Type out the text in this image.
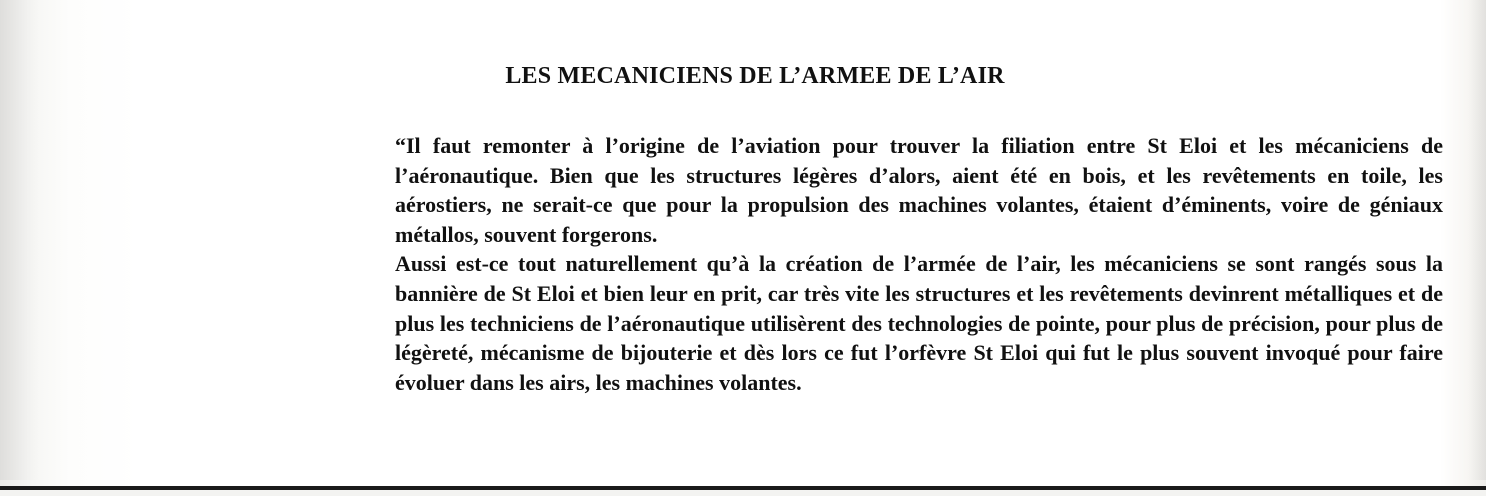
LES MECANICIENS DE L’ARMEE DE L’AIR

“Il faut remonter à l’origine de l’aviation pour trouver la filiation entre St Eloi et les mécaniciens de l’aéronautique. Bien que les structures légères d’alors, aient été en bois, et les revêtements en toile, les aérostiers, ne serait-ce que pour la propulsion des machines volantes, étaient d’éminents, voire de géniaux métallos, souvent forgerons.

Aussi est-ce tout naturellement qu’à la création de l’armée de l’air, les mécaniciens se sont rangés sous la bannière de St Eloi et bien leur en prit, car très vite les structures et les revêtements devinrent métalliques et de plus les techniciens de l’aéronautique utilisèrent des technologies de pointe, pour plus de précision, pour plus de légèreté, mécanisme de bijouterie et dès lors ce fut l’orfèvre St Eloi qui fut le plus souvent invoqué pour faire évoluer dans les airs, les machines volantes.
